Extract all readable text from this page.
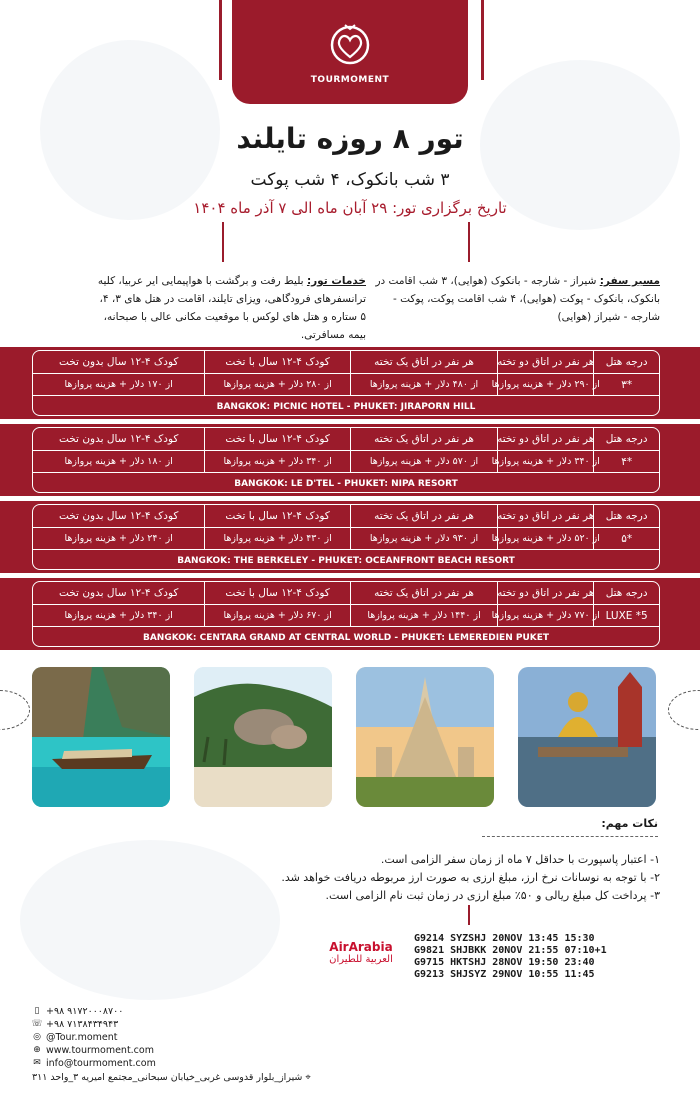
TOURMOMENT
تور ۸ روزه تایلند
۳ شب بانکوک، ۴ شب پوکت
تاریخ برگزاری تور: ۲۹ آبان ماه الی ۷ آذر ماه ۱۴۰۴
مسیر سفر: شیراز - شارجه - بانکوک (هوایی)، ۳ شب اقامت در بانکوک، بانکوک - پوکت (هوایی)، ۴ شب اقامت پوکت، پوکت - شارجه - شیراز (هوایی)
خدمات تور: بلیط رفت و برگشت با هواپیمایی ایر عربیا، کلیه ترانسفرهای فرودگاهی، ویزای تایلند، اقامت در هتل های ۳، ۴، ۵ ستاره و هتل های لوکس با موقعیت مکانی عالی با صبحانه، بیمه مسافرتی.
درجه هتل
هر نفر در اتاق دو تخته
هر نفر در اتاق یک تخته
کودک ۴-۱۲ سال با تخت
کودک ۴-۱۲ سال بدون تخت
*۳
از ۲۹۰ دلار + هزینه پروازها
از ۴۸۰ دلار + هزینه پروازها
از ۲۸۰ دلار + هزینه پروازها
از ۱۷۰ دلار + هزینه پروازها
BANGKOK: PICNIC HOTEL - PHUKET: JIRAPORN HILL
درجه هتل
هر نفر در اتاق دو تخته
هر نفر در اتاق یک تخته
کودک ۴-۱۲ سال با تخت
کودک ۴-۱۲ سال بدون تخت
*۴
از ۳۴۰ دلار + هزینه پروازها
از ۵۷۰ دلار + هزینه پروازها
از ۳۴۰ دلار + هزینه پروازها
از ۱۸۰ دلار + هزینه پروازها
BANGKOK: LE D'TEL - PHUKET: NIPA RESORT
درجه هتل
هر نفر در اتاق دو تخته
هر نفر در اتاق یک تخته
کودک ۴-۱۲ سال با تخت
کودک ۴-۱۲ سال بدون تخت
*۵
از ۵۲۰ دلار + هزینه پروازها
از ۹۳۰ دلار + هزینه پروازها
از ۴۳۰ دلار + هزینه پروازها
از ۲۴۰ دلار + هزینه پروازها
BANGKOK: THE BERKELEY - PHUKET: OCEANFRONT BEACH RESORT
درجه هتل
هر نفر در اتاق دو تخته
هر نفر در اتاق یک تخته
کودک ۴-۱۲ سال با تخت
کودک ۴-۱۲ سال بدون تخت
5* LUXE
از ۷۷۰ دلار + هزینه پروازها
از ۱۴۴۰ دلار + هزینه پروازها
از ۶۷۰ دلار + هزینه پروازها
از ۳۴۰ دلار + هزینه پروازها
BANGKOK: CENTARA GRAND AT CENTRAL WORLD - PHUKET: LEMEREDIEN PUKET
نکات مهم:
۱- اعتبار پاسپورت با حداقل ۷ ماه از زمان سفر الزامی است.
۲- با توجه به نوسانات نرخ ارز، مبلغ ارزی به صورت ارز مربوطه دریافت خواهد شد.
۳- پرداخت کل مبلغ ریالی و ۵۰٪ مبلغ ارزی در زمان ثبت نام الزامی است.
AirArabia
العربية للطيران
G9214 SYZSHJ 20NOV 13:45 15:30
G9821 SHJBKK 20NOV 21:55 07:10+1
G9715 HKTSHJ 28NOV 19:50 23:40
G9213 SHJSYZ 29NOV 10:55 11:45
▯ +۹۸ ۹۱۷۲۰۰۰۸۷۰۰
☏ +۹۸ ۷۱۳۸۴۳۴۹۴۳
◎ @Tour.moment
⊕ www.tourmoment.com
✉ info@tourmoment.com
⌖ شیراز_بلوار قدوسی غربی_خیابان سبحانی_مجتمع امیریه ۳_واحد ۳۱۱
